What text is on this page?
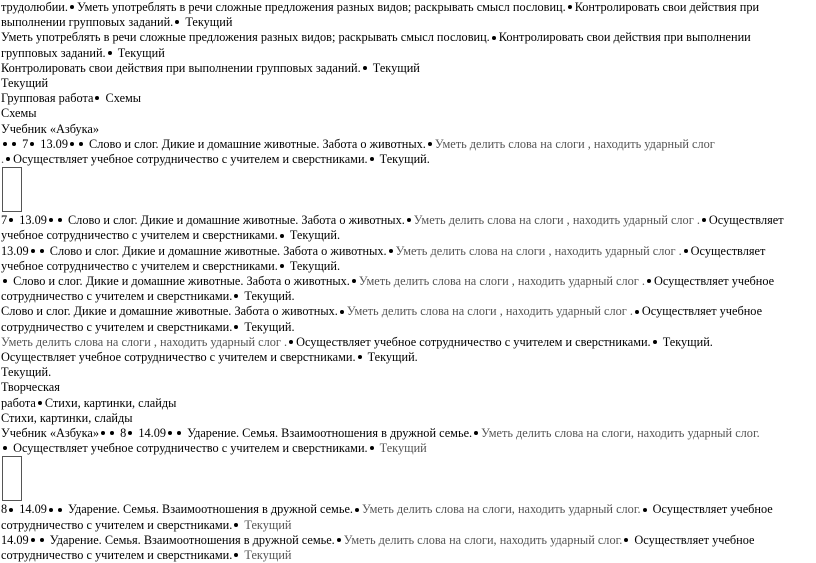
трудолюбии. Уметь употреблять в речи сложные предложения разных видов; раскрывать смысл пословиц. Контролировать свои действия при
выполнении групповых заданий. Текущий
Уметь употреблять в речи сложные предложения разных видов; раскрывать смысл пословиц. Контролировать свои действия при выполнении
групповых заданий. Текущий
Контролировать свои действия при выполнении групповых заданий. Текущий
Текущий
Групповая работа Схемы
Схемы
Учебник «Азбука»
7 13.09 Слово и слог. Дикие и домашние животные. Забота о животных. Уметь делить слова на слоги , находить ударный слог
. Осуществляет учебное сотрудничество с учителем и сверстниками. Текущий.
7 13.09 Слово и слог. Дикие и домашние животные. Забота о животных. Уметь делить слова на слоги , находить ударный слог . Осуществляет
учебное сотрудничество с учителем и сверстниками. Текущий.
13.09 Слово и слог. Дикие и домашние животные. Забота о животных. Уметь делить слова на слоги , находить ударный слог . Осуществляет
учебное сотрудничество с учителем и сверстниками. Текущий.
Слово и слог. Дикие и домашние животные. Забота о животных. Уметь делить слова на слоги , находить ударный слог . Осуществляет учебное
сотрудничество с учителем и сверстниками. Текущий.
Слово и слог. Дикие и домашние животные. Забота о животных. Уметь делить слова на слоги , находить ударный слог . Осуществляет учебное
сотрудничество с учителем и сверстниками. Текущий.
Уметь делить слова на слоги , находить ударный слог . Осуществляет учебное сотрудничество с учителем и сверстниками. Текущий.
Осуществляет учебное сотрудничество с учителем и сверстниками. Текущий.
Текущий.
Творческая
работа Стихи, картинки, слайды
Стихи, картинки, слайды
Учебник «Азбука» 8 14.09 Ударение. Семья. Взаимоотношения в дружной семье. Уметь делить слова на слоги, находить ударный слог.
Осуществляет учебное сотрудничество с учителем и сверстниками. Текущий
8 14.09 Ударение. Семья. Взаимоотношения в дружной семье. Уметь делить слова на слоги, находить ударный слог. Осуществляет учебное
сотрудничество с учителем и сверстниками. Текущий
14.09 Ударение. Семья. Взаимоотношения в дружной семье. Уметь делить слова на слоги, находить ударный слог. Осуществляет учебное
сотрудничество с учителем и сверстниками. Текущий
